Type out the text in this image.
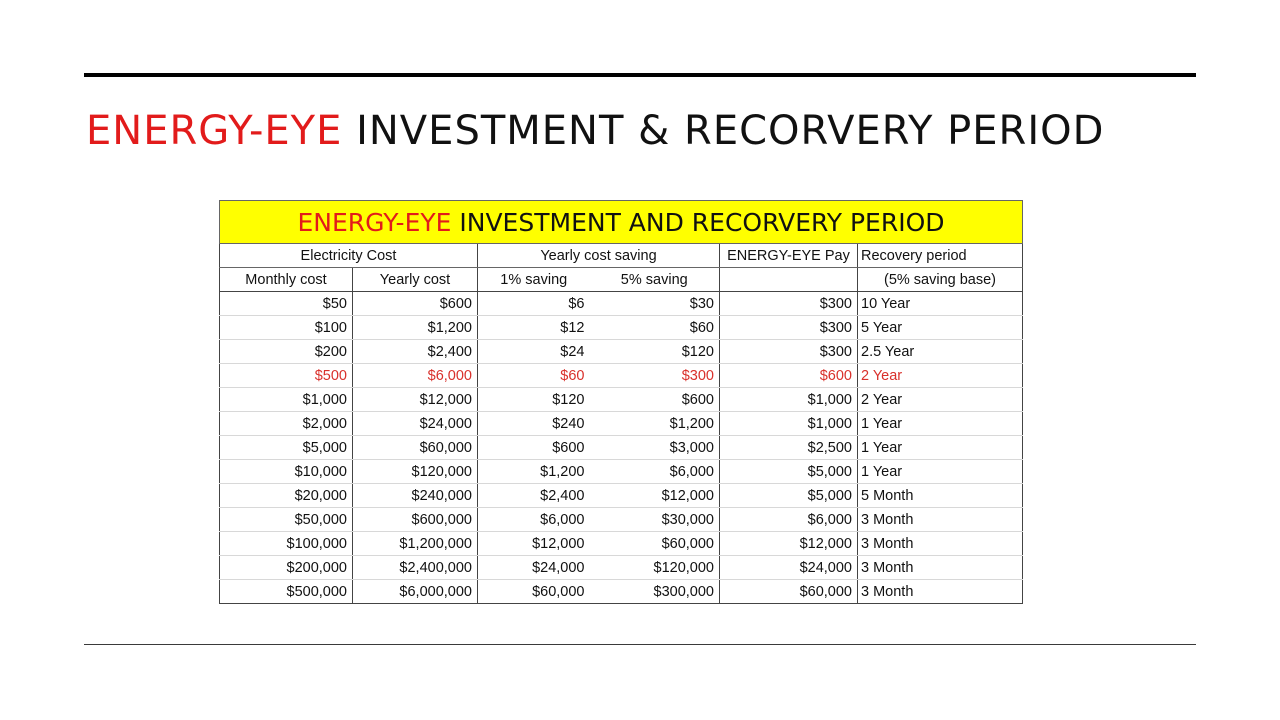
ENERGY-EYE INVESTMENT & RECORVERY PERIOD
ENERGY-EYE INVESTMENT AND RECORVERY PERIOD					
Electricity Cost		Yearly cost saving		ENERGY-EYE Pay	Recovery period
Monthly cost	Yearly cost	1% saving	5% saving		(5% saving base)
$50	$600	$6	$30	$300	10 Year
$100	$1,200	$12	$60	$300	5 Year
$200	$2,400	$24	$120	$300	2.5 Year
$500	$6,000	$60	$300	$600	2 Year
$1,000	$12,000	$120	$600	$1,000	2 Year
$2,000	$24,000	$240	$1,200	$1,000	1 Year
$5,000	$60,000	$600	$3,000	$2,500	1 Year
$10,000	$120,000	$1,200	$6,000	$5,000	1 Year
$20,000	$240,000	$2,400	$12,000	$5,000	5 Month
$50,000	$600,000	$6,000	$30,000	$6,000	3 Month
$100,000	$1,200,000	$12,000	$60,000	$12,000	3 Month
$200,000	$2,400,000	$24,000	$120,000	$24,000	3 Month
$500,000	$6,000,000	$60,000	$300,000	$60,000	3 Month
